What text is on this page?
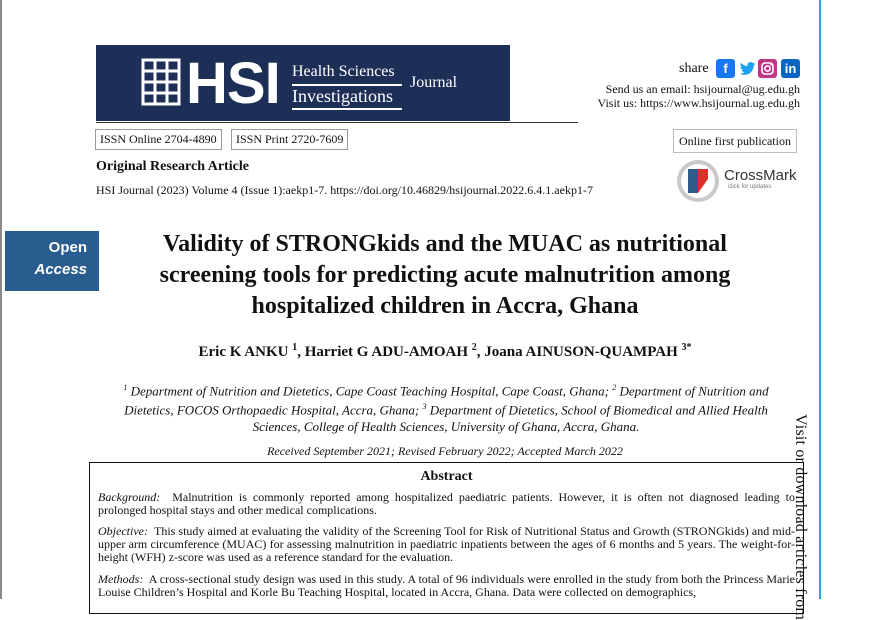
Visit or download articles from
HSI Health Sciences
Investigations
Journal
share	f	in
Send us an email: hsijournal@ug.edu.gh
Visit us: https://www.hsijournal.ug.edu.gh
ISSN Online 2704-4890	ISSN Print 2720-7609	Online first publication
Original Research Article
HSI Journal (2023) Volume 4 (Issue 1):aekp1-7. https://doi.org/10.46829/hsijournal.2022.6.4.1.aekp1-7
CrossMark
click for updates
Open
Access
Validity of STRONGkids and the MUAC as nutritional
screening tools for predicting acute malnutrition among
hospitalized children in Accra, Ghana
Eric K ANKU $^1$, Harriet G ADU-AMOAH $^2$, Joana AINUSON-QUAMPAH $^{3*}$
$^1$ Department of Nutrition and Dietetics, Cape Coast Teaching Hospital, Cape Coast, Ghana; $^2$ Department of Nutrition and Dietetics, FOCOS Orthopaedic Hospital, Accra, Ghana; $^3$ Department of Dietetics, School of Biomedical and Allied Health Sciences, College of Health Sciences, University of Ghana, Accra, Ghana.
Received September 2021; Revised February 2022; Accepted March 2022
Abstract
Background: Malnutrition is commonly reported among hospitalized paediatric patients. However, it is often not diagnosed leading to prolonged hospital stays and other medical complications.
Objective: This study aimed at evaluating the validity of the Screening Tool for Risk of Nutritional Status and Growth (STRONGkids) and mid-upper arm circumference (MUAC) for assessing malnutrition in paediatric inpatients between the ages of 6 months and 5 years. The weight-for-height (WFH) z-score was used as a reference standard for the evaluation.
Methods: A cross-sectional study design was used in this study. A total of 96 individuals were enrolled in the study from both the Princess Marie Louise Children’s Hospital and Korle Bu Teaching Hospital, located in Accra, Ghana. Data were collected on demographics,
